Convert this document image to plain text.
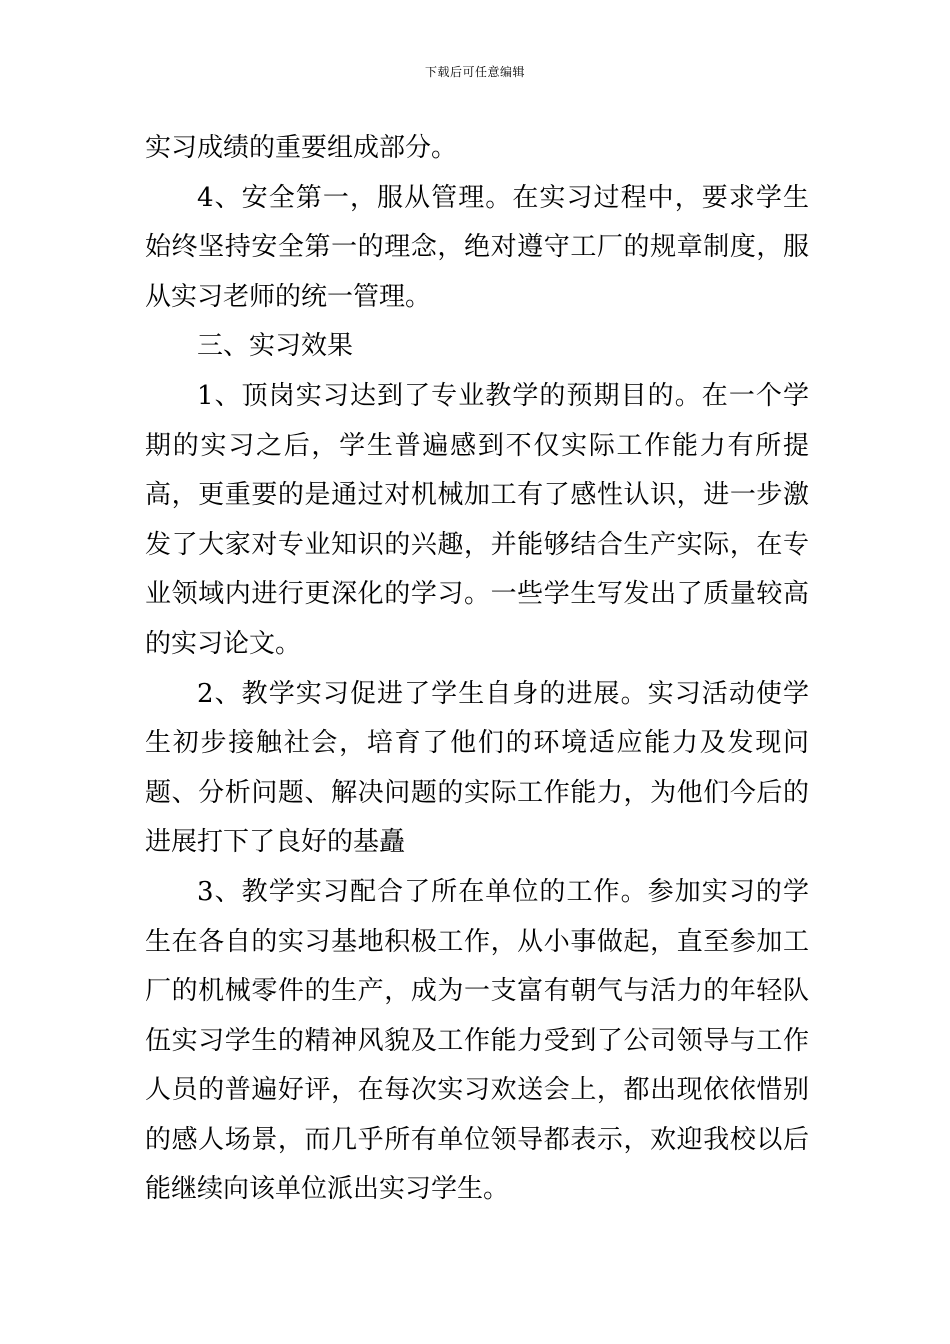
下载后可任意编辑

实习成绩的重要组成部分。

4、安全第一，服从管理。在实习过程中，要求学生始终坚持安全第一的理念，绝对遵守工厂的规章制度，服从实习老师的统一管理。

三、实习效果

1、顶岗实习达到了专业教学的预期目的。在一个学期的实习之后，学生普遍感到不仅实际工作能力有所提高，更重要的是通过对机械加工有了感性认识，进一步激发了大家对专业知识的兴趣，并能够结合生产实际，在专业领域内进行更深化的学习。一些学生写发出了质量较高的实习论文。

2、教学实习促进了学生自身的进展。实习活动使学生初步接触社会，培育了他们的环境适应能力及发现问题、分析问题、解决问题的实际工作能力，为他们今后的进展打下了良好的基矗

3、教学实习配合了所在单位的工作。参加实习的学生在各自的实习基地积极工作，从小事做起，直至参加工厂的机械零件的生产，成为一支富有朝气与活力的年轻队伍实习学生的精神风貌及工作能力受到了公司领导与工作人员的普遍好评，在每次实习欢送会上，都出现依依惜别的感人场景，而几乎所有单位领导都表示，欢迎我校以后能继续向该单位派出实习学生。
